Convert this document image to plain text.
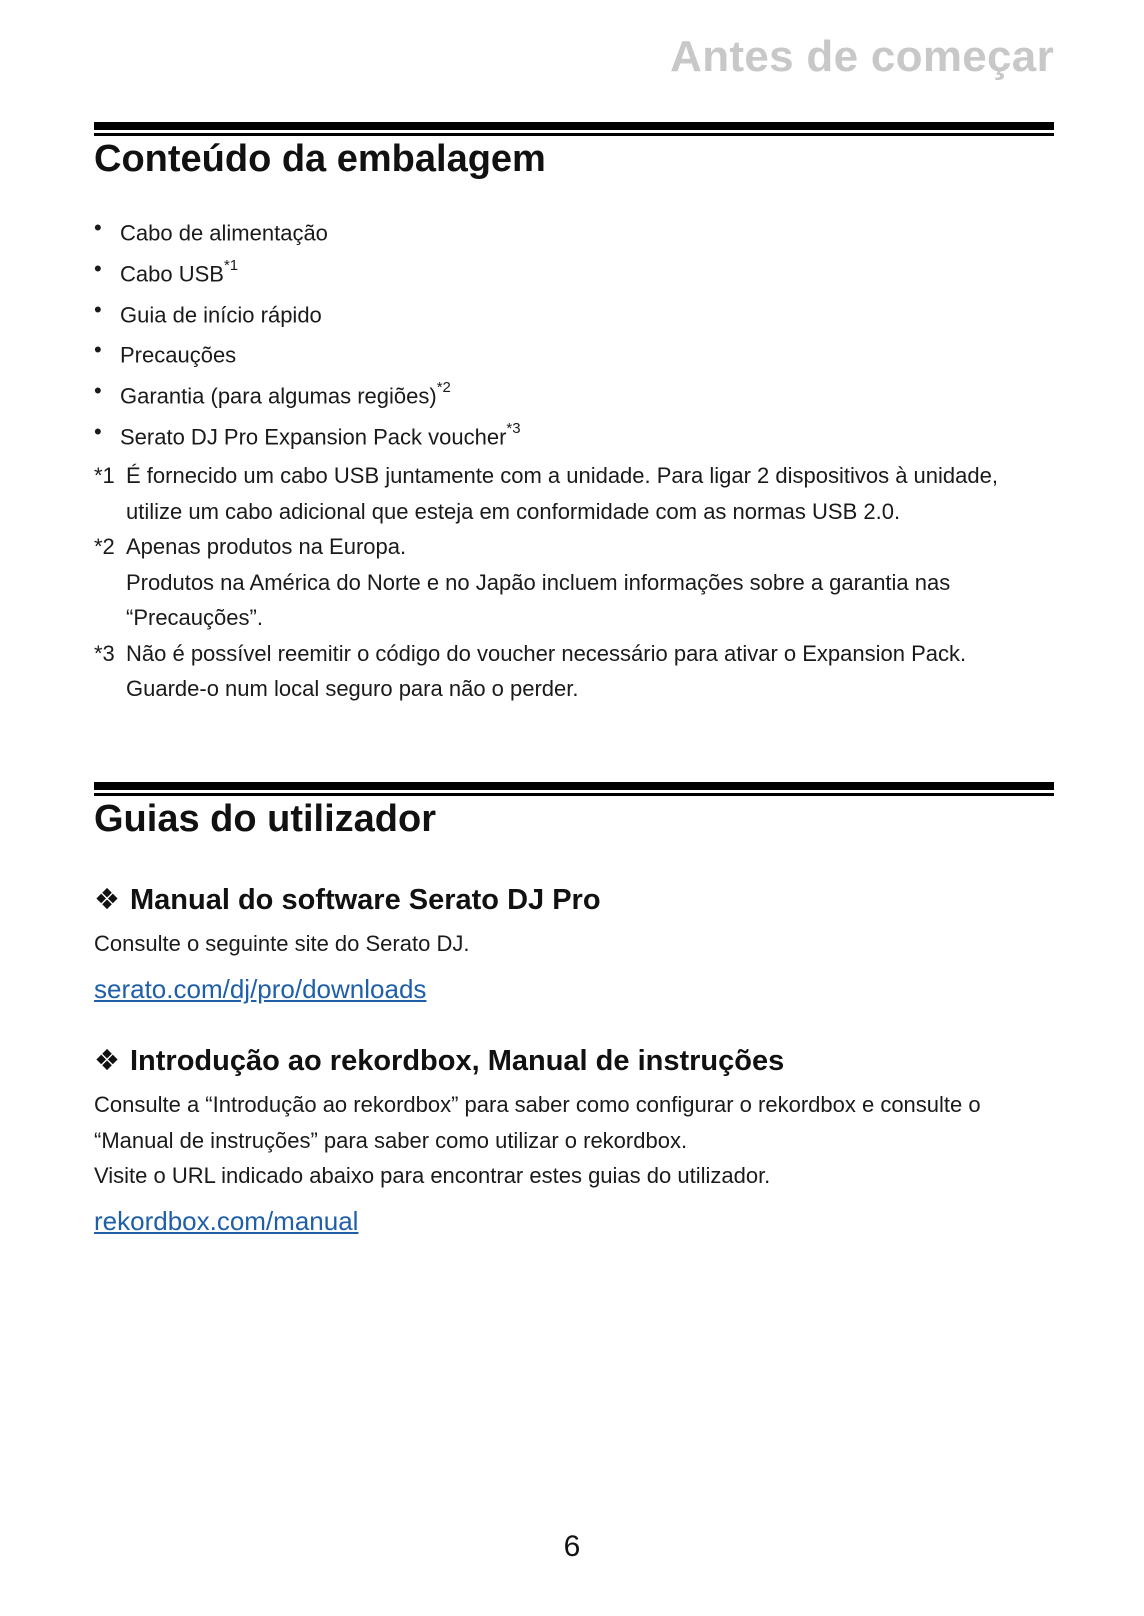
Antes de começar
Conteúdo da embalagem
• Cabo de alimentação
• Cabo USB$^{*1}$
• Guia de início rápido
• Precauções
• Garantia (para algumas regiões)$^{*2}$
• Serato DJ Pro Expansion Pack voucher$^{*3}$
*1 É fornecido um cabo USB juntamente com a unidade. Para ligar 2 dispositivos à unidade,
utilize um cabo adicional que esteja em conformidade com as normas USB 2.0.
*2 Apenas produtos na Europa.
Produtos na América do Norte e no Japão incluem informações sobre a garantia nas
“Precauções”.
*3 Não é possível reemitir o código do voucher necessário para ativar o Expansion Pack.
Guarde-o num local seguro para não o perder.
Guias do utilizador
❖ Manual do software Serato DJ Pro

Consulte o seguinte site do Serato DJ.

serato.com/dj/pro/downloads
❖ Introdução ao rekordbox, Manual de instruções
Consulte a “Introdução ao rekordbox” para saber como configurar o rekordbox e consulte o
“Manual de instruções” para saber como utilizar o rekordbox.
Visite o URL indicado abaixo para encontrar estes guias do utilizador.
rekordbox.com/manual
6
